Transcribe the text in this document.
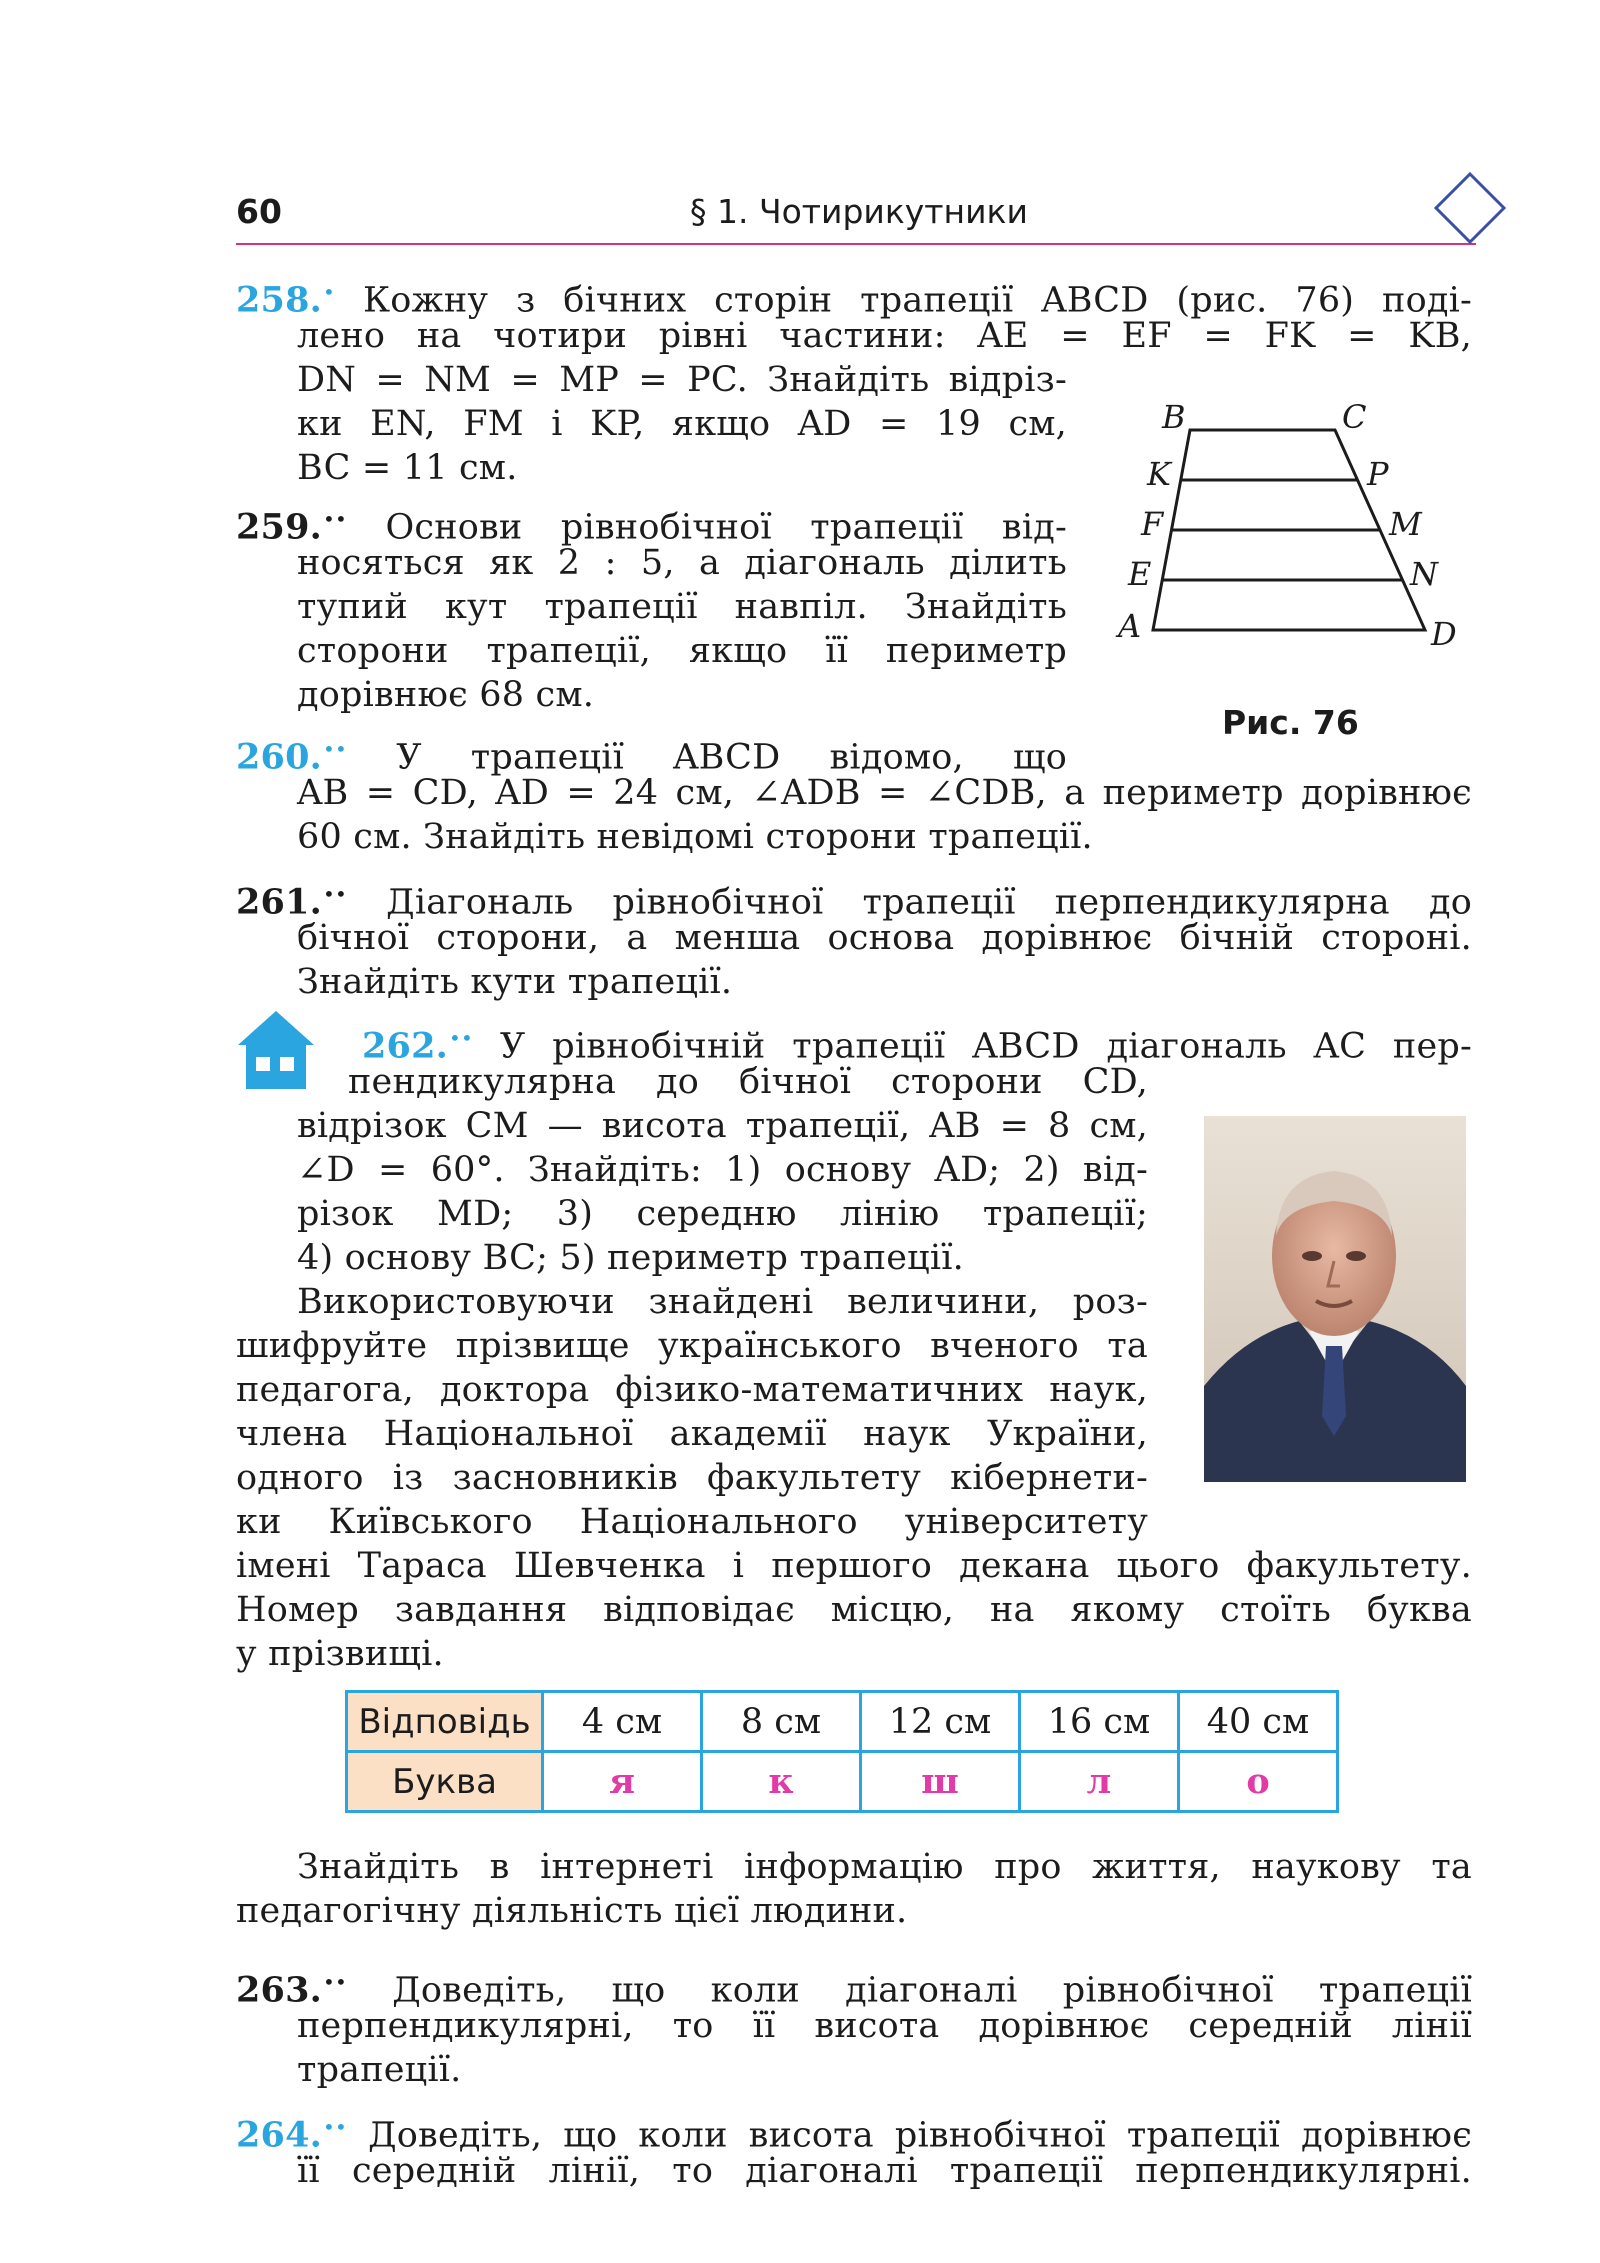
60	§ 1. Чотирикутники
258.• Кожну з бічних сторін трапеції ABCD (рис. 76) поді-
лено на чотири рівні частини: AE = EF = FK = KB,
DN = NM = MP = PC. Знайдіть відріз-
ки EN, FM і KP, якщо AD = 19 см,
BC = 11 см.
259.•• Основи рівнобічної трапеції від-
носяться як 2 : 5, а діагональ ділить
тупий кут трапеції навпіл. Знайдіть
сторони трапеції, якщо її периметр
дорівнює 68 см.
B	C
K	P
F	M
E	N
A	D
Рис. 76
260.•• У трапеції ABCD відомо, що
AB = CD, AD = 24 см, ∠ADB = ∠CDB, а периметр дорівнює
60 см. Знайдіть невідомі сторони трапеції.
261.•• Діагональ рівнобічної трапеції перпендикулярна до
бічної сторони, а менша основа дорівнює бічній стороні.
Знайдіть кути трапеції.
262.•• У рівнобічній трапеції ABCD діагональ AC пер-
пендикулярна до бічної сторони CD,
відрізок CM — висота трапеції, AB = 8 см,
∠D = 60°. Знайдіть: 1) основу AD; 2) від-
різок MD; 3) середню лінію трапеції;
4) основу BC; 5) периметр трапеції.
Використовуючи знайдені величини, роз-
шифруйте прізвище українського вченого та
педагога, доктора фізико-математичних наук,
члена Національної академії наук України,
одного із засновників факультету кібернети-
ки Київського Національного університету
імені Тараса Шевченка і першого декана цього факультету.
Номер завдання відповідає місцю, на якому стоїть буква
у прізвищі.
Відповідь	4 см	8 см	12 см	16 см	40 см
Буква	я	к	ш	л	о
Знайдіть в інтернеті інформацію про життя, наукову та
педагогічну діяльність цієї людини.
263.•• Доведіть, що коли діагоналі рівнобічної трапеції
перпендикулярні, то її висота дорівнює середній лінії
трапеції.
264.•• Доведіть, що коли висота рівнобічної трапеції дорівнює
її середній лінії, то діагоналі трапеції перпендикулярні.
